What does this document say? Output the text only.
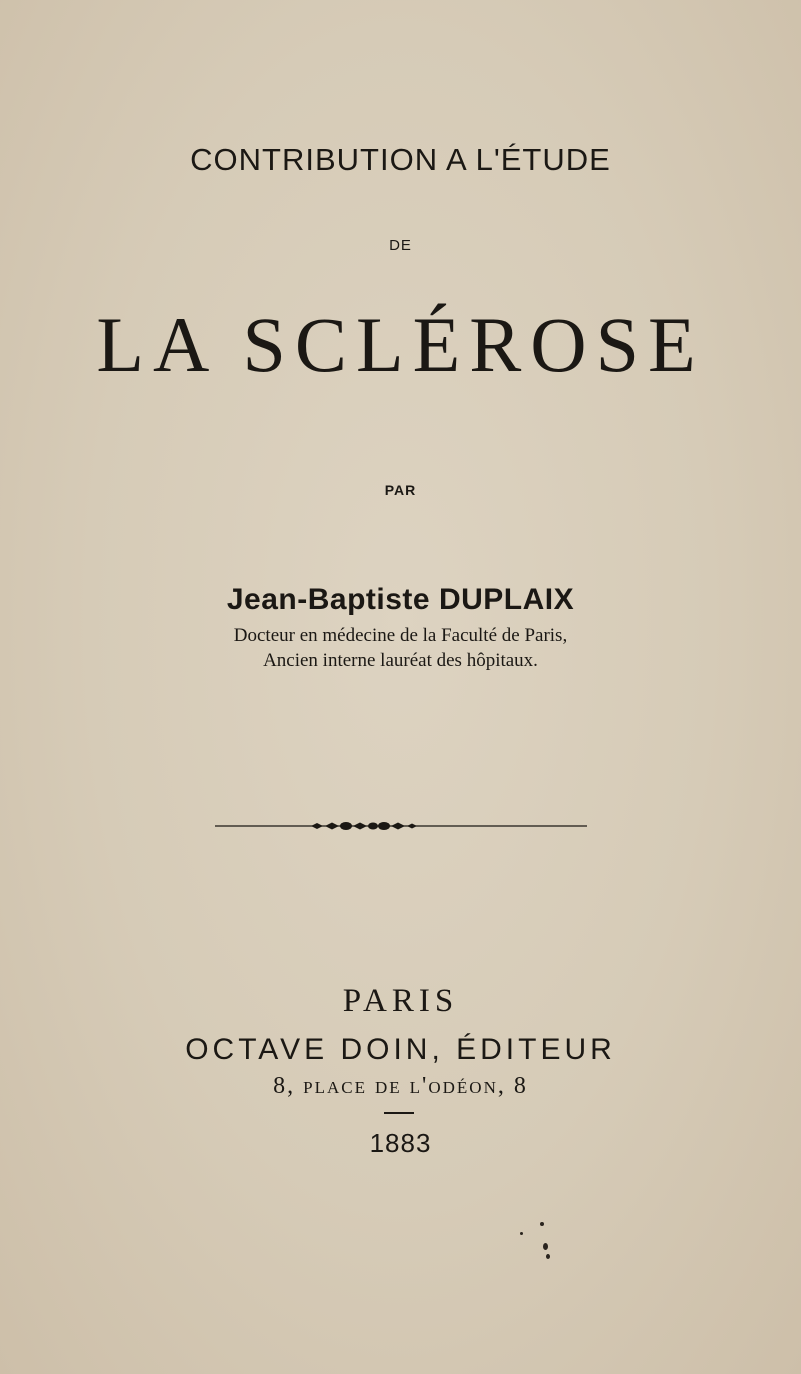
CONTRIBUTION A L'ÉTUDE
DE
LA SCLÉROSE
PAR
Jean-Baptiste DUPLAIX
Docteur en médecine de la Faculté de Paris,
Ancien interne lauréat des hôpitaux.
PARIS
OCTAVE DOIN, ÉDITEUR
8, place de l'odéon, 8
1883
